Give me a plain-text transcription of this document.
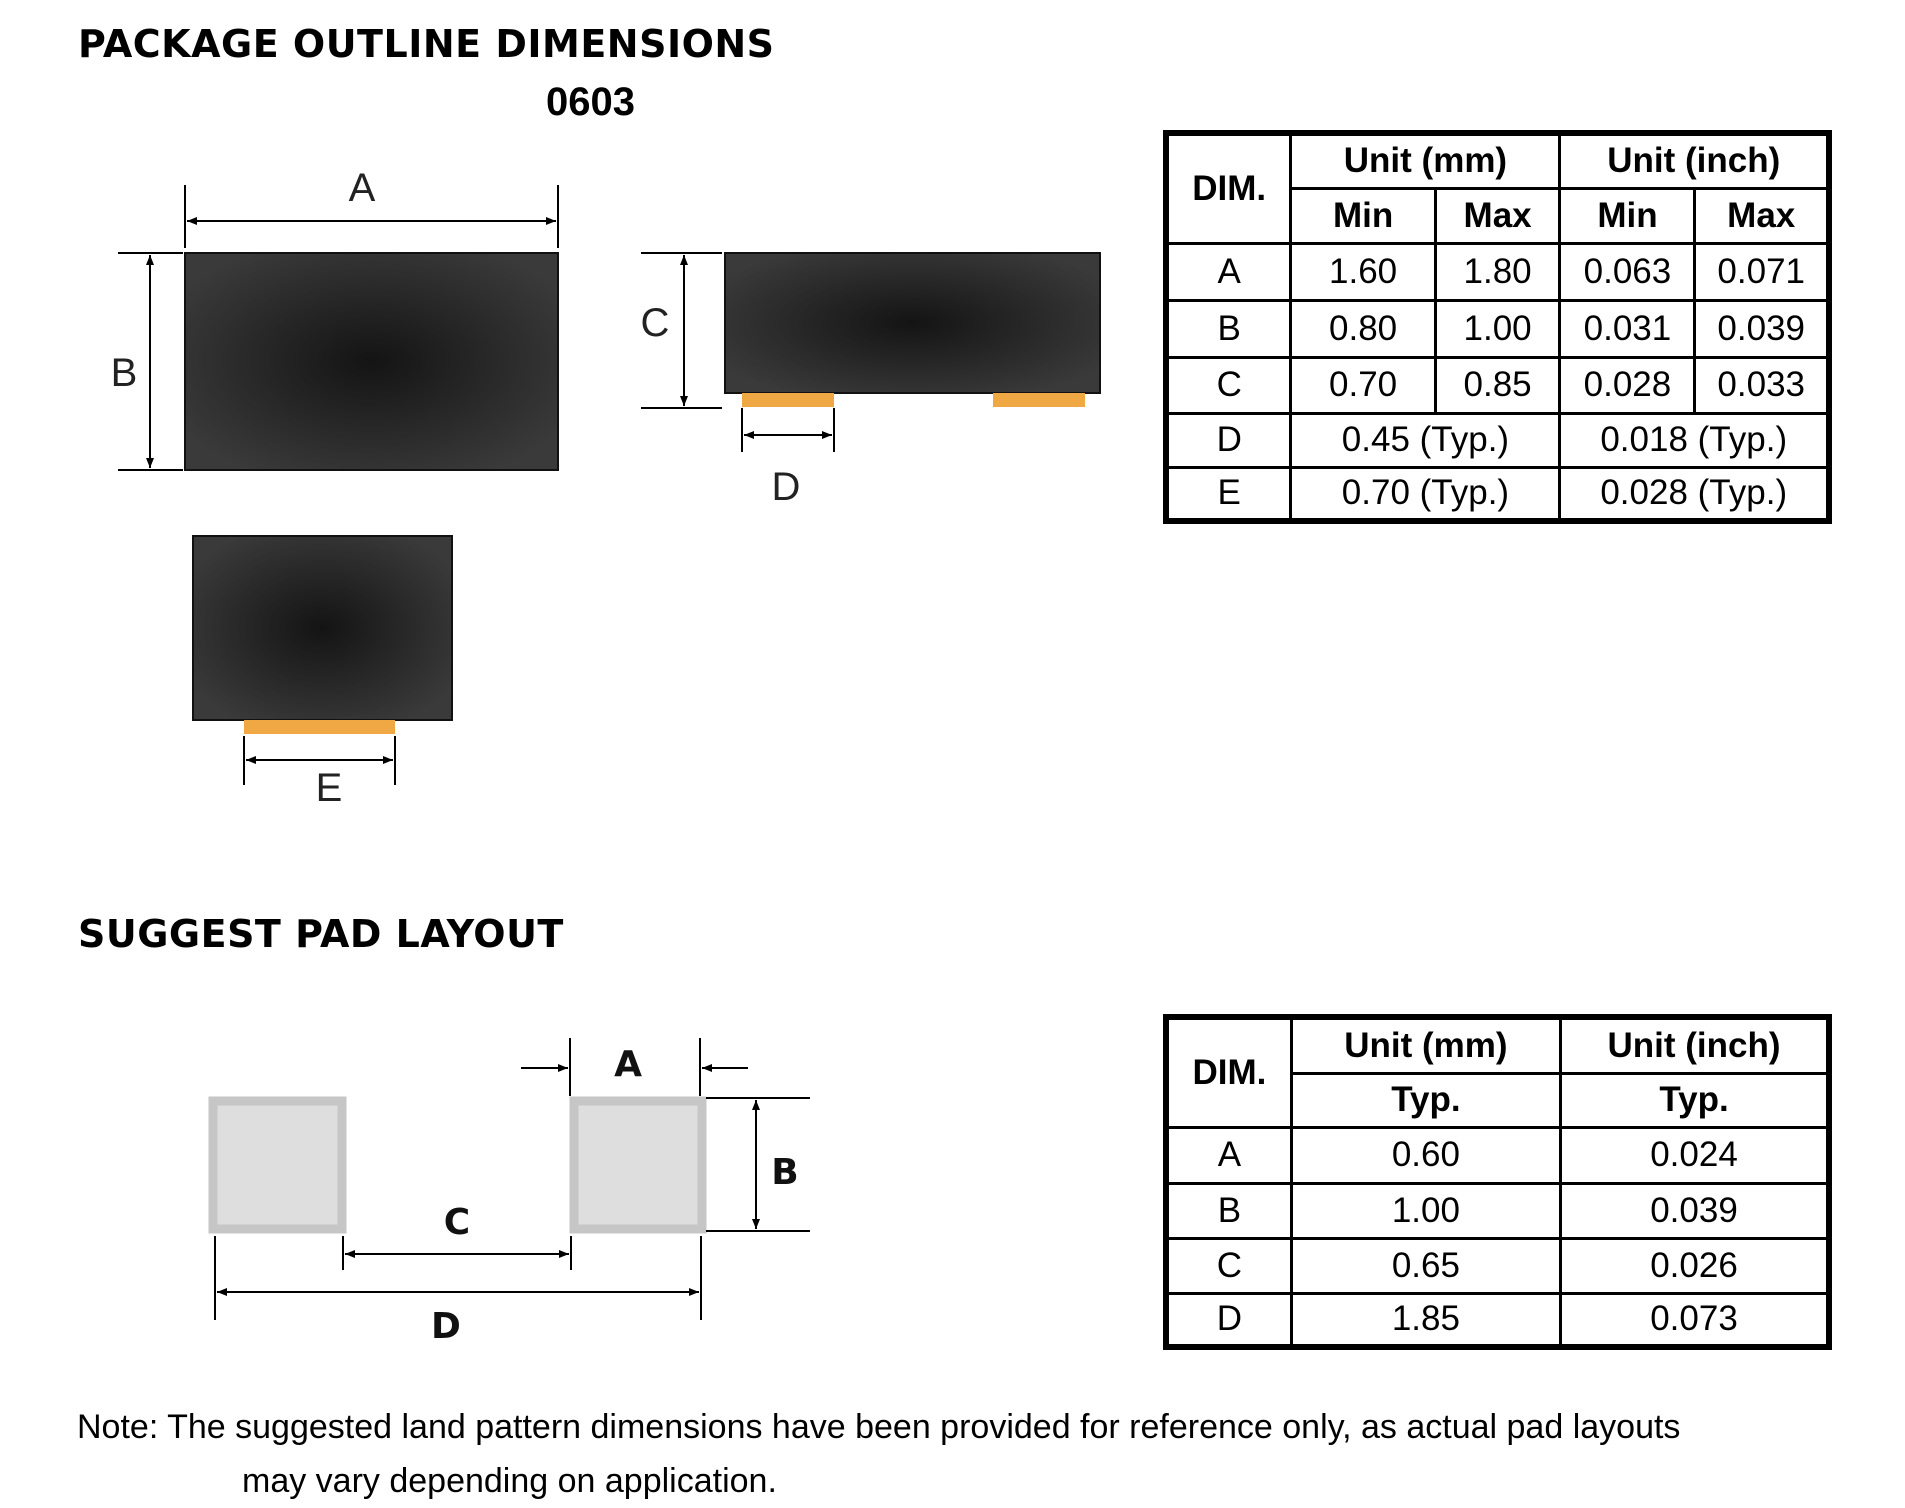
PACKAGE OUTLINE DIMENSIONS
0603
SUGGEST PAD LAYOUT
A
B
C
D
E
A
B
C
D
DIM.	Unit (mm)		Unit (inch)	
	Min	Max	Min	Max
A	1.60	1.80	0.063	0.071
B	0.80	1.00	0.031	0.039
C	0.70	0.85	0.028	0.033
D	0.45 (Typ.)		0.018 (Typ.)	
E	0.70 (Typ.)		0.028 (Typ.)	
DIM.	Unit (mm)	Unit (inch)
	Typ.	Typ.
A	0.60	0.024
B	1.00	0.039
C	0.65	0.026
D	1.85	0.073
Note: The suggested land pattern dimensions have been provided for reference only, as actual pad layouts
may vary depending on application.
